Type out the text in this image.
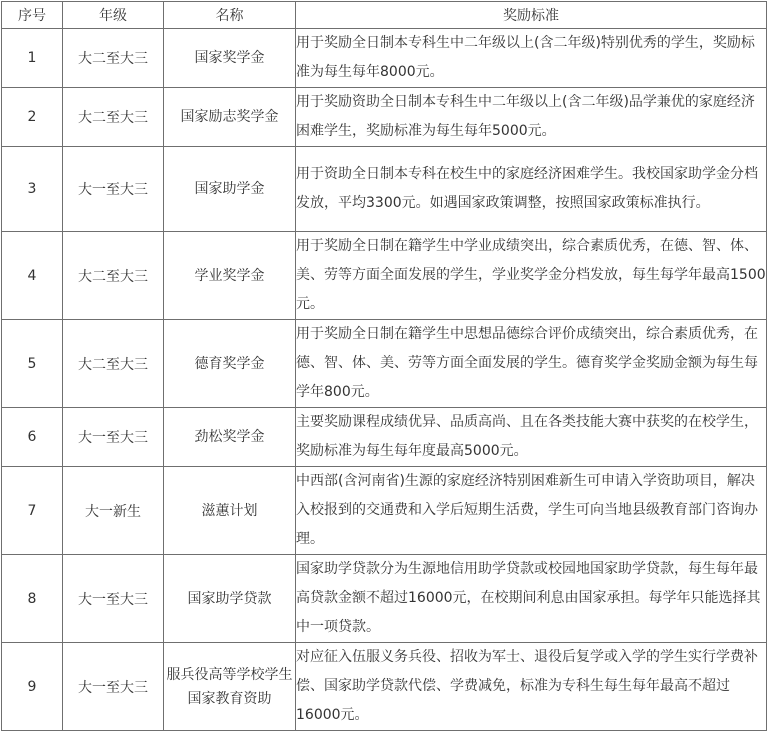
序号	年级	名称	奖励标准
1	大二至大三	国家奖学金	用于奖励全日制本专科生中二年级以上(含二年级)特别优秀的学生，奖励标准为每生每年8000元。
2	大二至大三	国家励志奖学金	用于奖励资助全日制本专科生中二年级以上(含二年级)品学兼优的家庭经济困难学生，奖励标准为每生每年5000元。
3	大一至大三	国家助学金	用于资助全日制本专科在校生中的家庭经济困难学生。我校国家助学金分档发放，平均3300元。如遇国家政策调整，按照国家政策标准执行。
4	大二至大三	学业奖学金	用于奖励全日制在籍学生中学业成绩突出，综合素质优秀，在德、智、体、美、劳等方面全面发展的学生，学业奖学金分档发放，每生每学年最高1500元。
5	大二至大三	德育奖学金	用于奖励全日制在籍学生中思想品德综合评价成绩突出，综合素质优秀，在德、智、体、美、劳等方面全面发展的学生。德育奖学金奖励金额为每生每学年800元。
6	大一至大三	劲松奖学金	主要奖励课程成绩优异、品质高尚、且在各类技能大赛中获奖的在校学生，奖励标准为每生每年度最高5000元。
7	大一新生	滋蕙计划	中西部(含河南省)生源的家庭经济特别困难新生可申请入学资助项目，解决入校报到的交通费和入学后短期生活费，学生可向当地县级教育部门咨询办理。
8	大一至大三	国家助学贷款	国家助学贷款分为生源地信用助学贷款或校园地国家助学贷款，每生每年最高贷款金额不超过16000元，在校期间利息由国家承担。每学年只能选择其中一项贷款。
9	大一至大三	服兵役高等学校学生国家教育资助	对应征入伍服义务兵役、招收为军士、退役后复学或入学的学生实行学费补偿、国家助学贷款代偿、学费减免，标准为专科生每生每年最高不超过16000元。
